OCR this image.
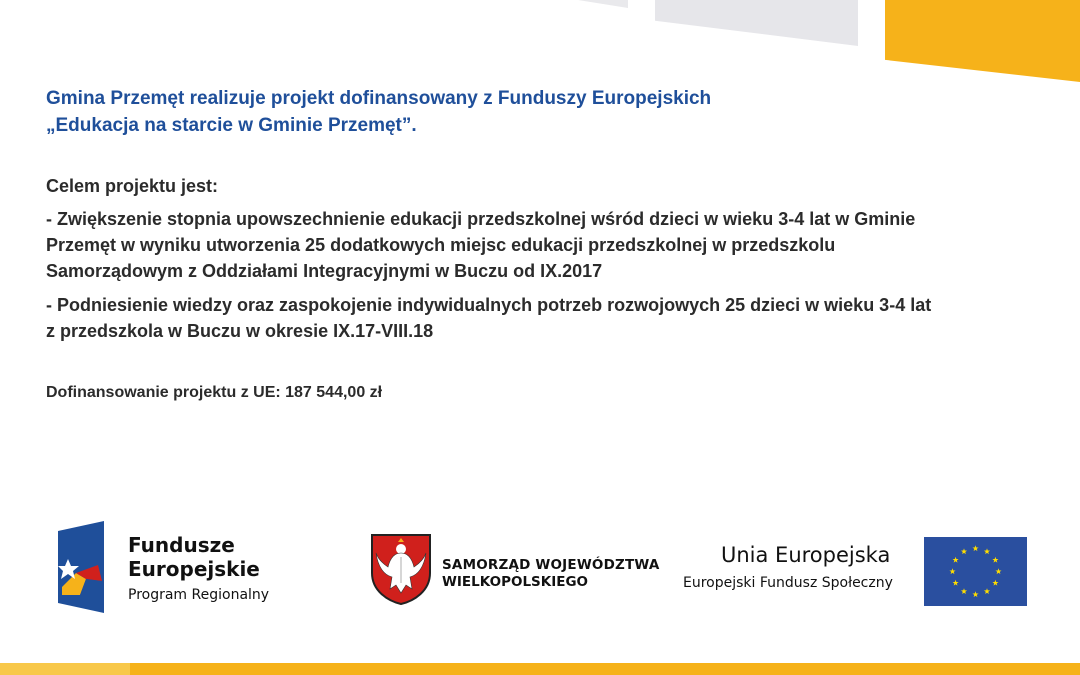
Gmina Przemęt realizuje projekt dofinansowany z Funduszy Europejskich

„Edukacja na starcie w Gminie Przemęt”.

Celem projektu jest:

- Zwiększenie stopnia upowszechnienie edukacji przedszkolnej wśród dzieci w wieku 3-4 lat w Gminie

Przemęt w wyniku utworzenia 25 dodatkowych miejsc edukacji przedszkolnej w przedszkolu

Samorządowym z Oddziałami Integracyjnymi w Buczu od IX.2017

- Podniesienie wiedzy oraz zaspokojenie indywidualnych potrzeb rozwojowych 25 dzieci w wieku 3-4 lat

z przedszkola w Buczu w okresie IX.17-VIII.18

Dofinansowanie projektu z UE: 187 544,00 zł

Fundusze
Europejskie
Program Regionalny
SAMORZĄD WOJEWÓDZTWA
WIELKOPOLSKIEGO
Unia Europejska
Europejski Fundusz Społeczny
